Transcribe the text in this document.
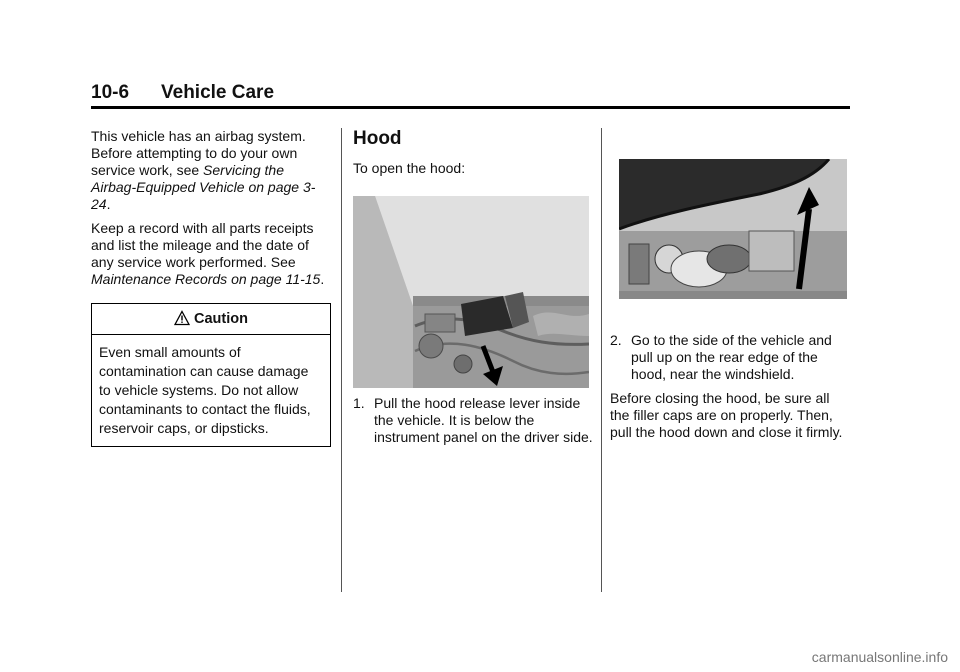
10-6 Vehicle Care

This vehicle has an airbag system. Before attempting to do your own service work, see Servicing the Airbag-Equipped Vehicle on page 3-24.

Keep a record with all parts receipts and list the mileage and the date of any service work performed. See Maintenance Records on page 11-15.

Caution
Even small amounts of contamination can cause damage to vehicle systems. Do not allow contaminants to contact the fluids, reservoir caps, or dipsticks.
Hood

To open the hood:

1. Pull the hood release lever inside the vehicle. It is below the instrument panel on the driver side.
2. Go to the side of the vehicle and pull up on the rear edge of the hood, near the windshield.

Before closing the hood, be sure all the filler caps are on properly. Then, pull the hood down and close it firmly.

carmanualsonline.info
